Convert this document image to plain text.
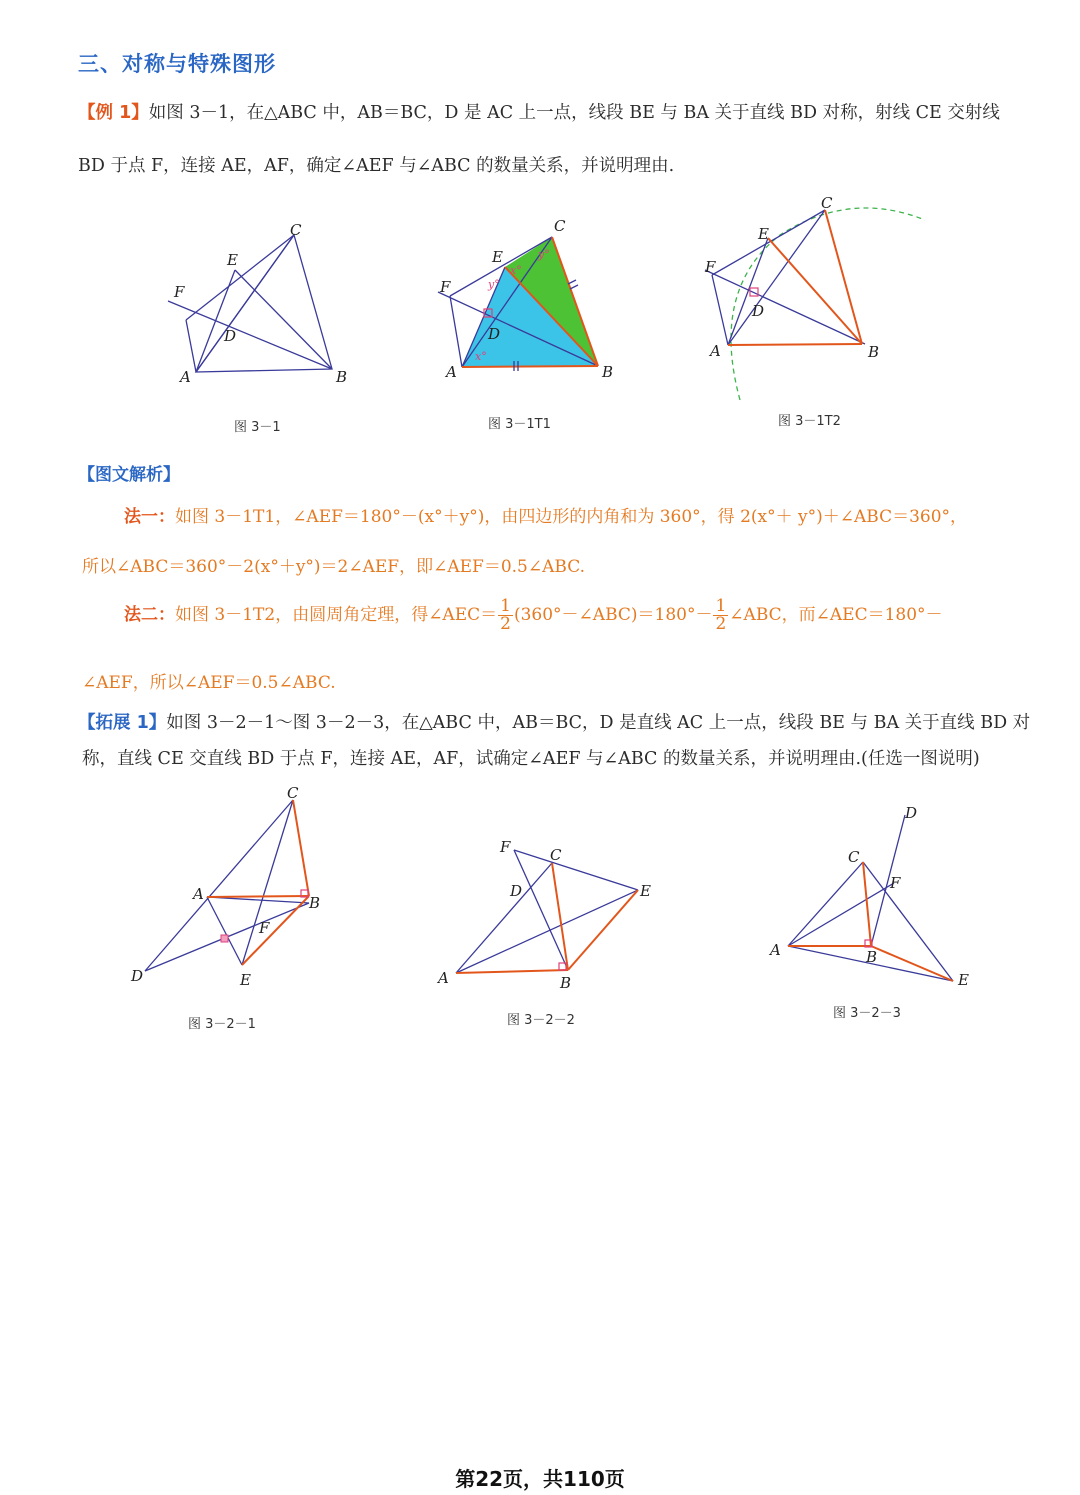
三、对称与特殊图形
【例 1】如图 3－1，在△ABC 中，AB＝BC，D 是 AC 上一点，线段 BE 与 BA 关于直线 BD 对称，射线 CE 交射线
BD 于点 F，连接 AE，AF，确定∠AEF 与∠ABC 的数量关系，并说明理由.
A	B
C
D
E
F
图 3－1
A	B
C
D
E
F
x°
x°
y°
y°
图 3－1T1
A	B
C
D
E
F
图 3－1T2
【图文解析】
法一：如图 3－1T1，∠AEF＝180°－(x°＋y°)，由四边形的内角和为 360°，得 2(x°＋ y°)＋∠ABC＝360°，
所以∠ABC＝360°－2(x°＋y°)＝2∠AEF，即∠AEF＝0.5∠ABC.
法二：如图 3－1T2，由圆周角定理，得∠AEC＝ $\frac{1}{2}$ (360°－∠ABC)＝180°－ $\frac{1}{2}$ ∠ABC，而∠AEC＝180°－
∠AEF，所以∠AEF＝0.5∠ABC.
【拓展 1】如图 3－2－1～图 3－2－3，在△ABC 中，AB＝BC，D 是直线 AC 上一点，线段 BE 与 BA 关于直线 BD 对
称，直线 CE 交直线 BD 于点 F，连接 AE，AF，试确定∠AEF 与∠ABC 的数量关系，并说明理由.(任选一图说明)
A	B
C
D	E
F
图 3－2－1
A	B
C
D	E
F
图 3－2－2
A	B
C
D
E
F
图 3－2－3
第22页，共110页
